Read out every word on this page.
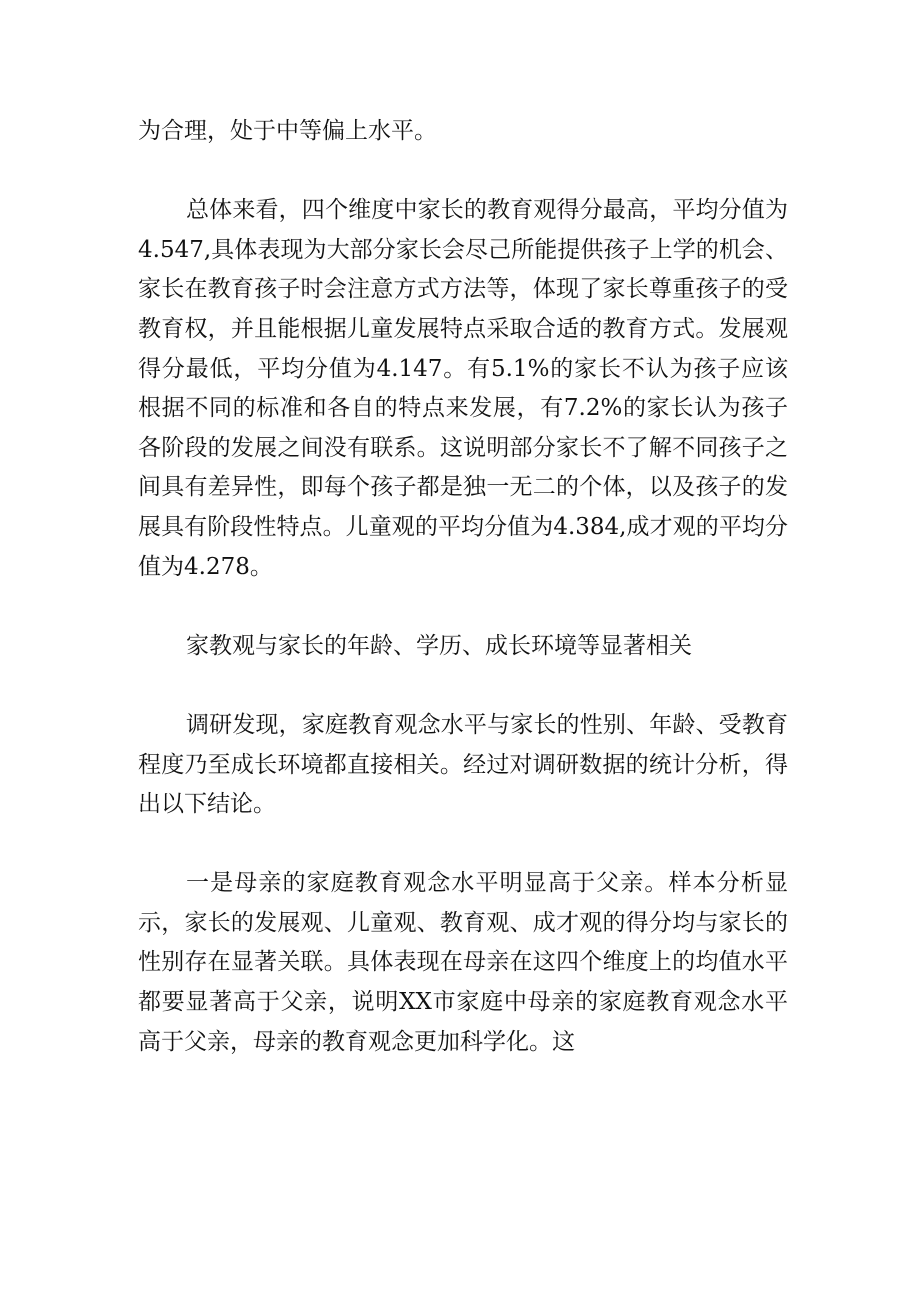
为合理，处于中等偏上水平。

总体来看，四个维度中家长的教育观得分最高，平均分值为4.547,具体表现为大部分家长会尽己所能提供孩子上学的机会、家长在教育孩子时会注意方式方法等，体现了家长尊重孩子的受教育权，并且能根据儿童发展特点采取合适的教育方式。发展观得分最低，平均分值为4.147。有5.1%的家长不认为孩子应该根据不同的标准和各自的特点来发展，有7.2%的家长认为孩子各阶段的发展之间没有联系。这说明部分家长不了解不同孩子之间具有差异性，即每个孩子都是独一无二的个体，以及孩子的发展具有阶段性特点。儿童观的平均分值为4.384,成才观的平均分值为4.278。

家教观与家长的年龄、学历、成长环境等显著相关

调研发现，家庭教育观念水平与家长的性别、年龄、受教育程度乃至成长环境都直接相关。经过对调研数据的统计分析，得出以下结论。

一是母亲的家庭教育观念水平明显高于父亲。样本分析显示，家长的发展观、儿童观、教育观、成才观的得分均与家长的性别存在显著关联。具体表现在母亲在这四个维度上的均值水平都要显著高于父亲，说明XX市家庭中母亲的家庭教育观念水平高于父亲，母亲的教育观念更加科学化。这
